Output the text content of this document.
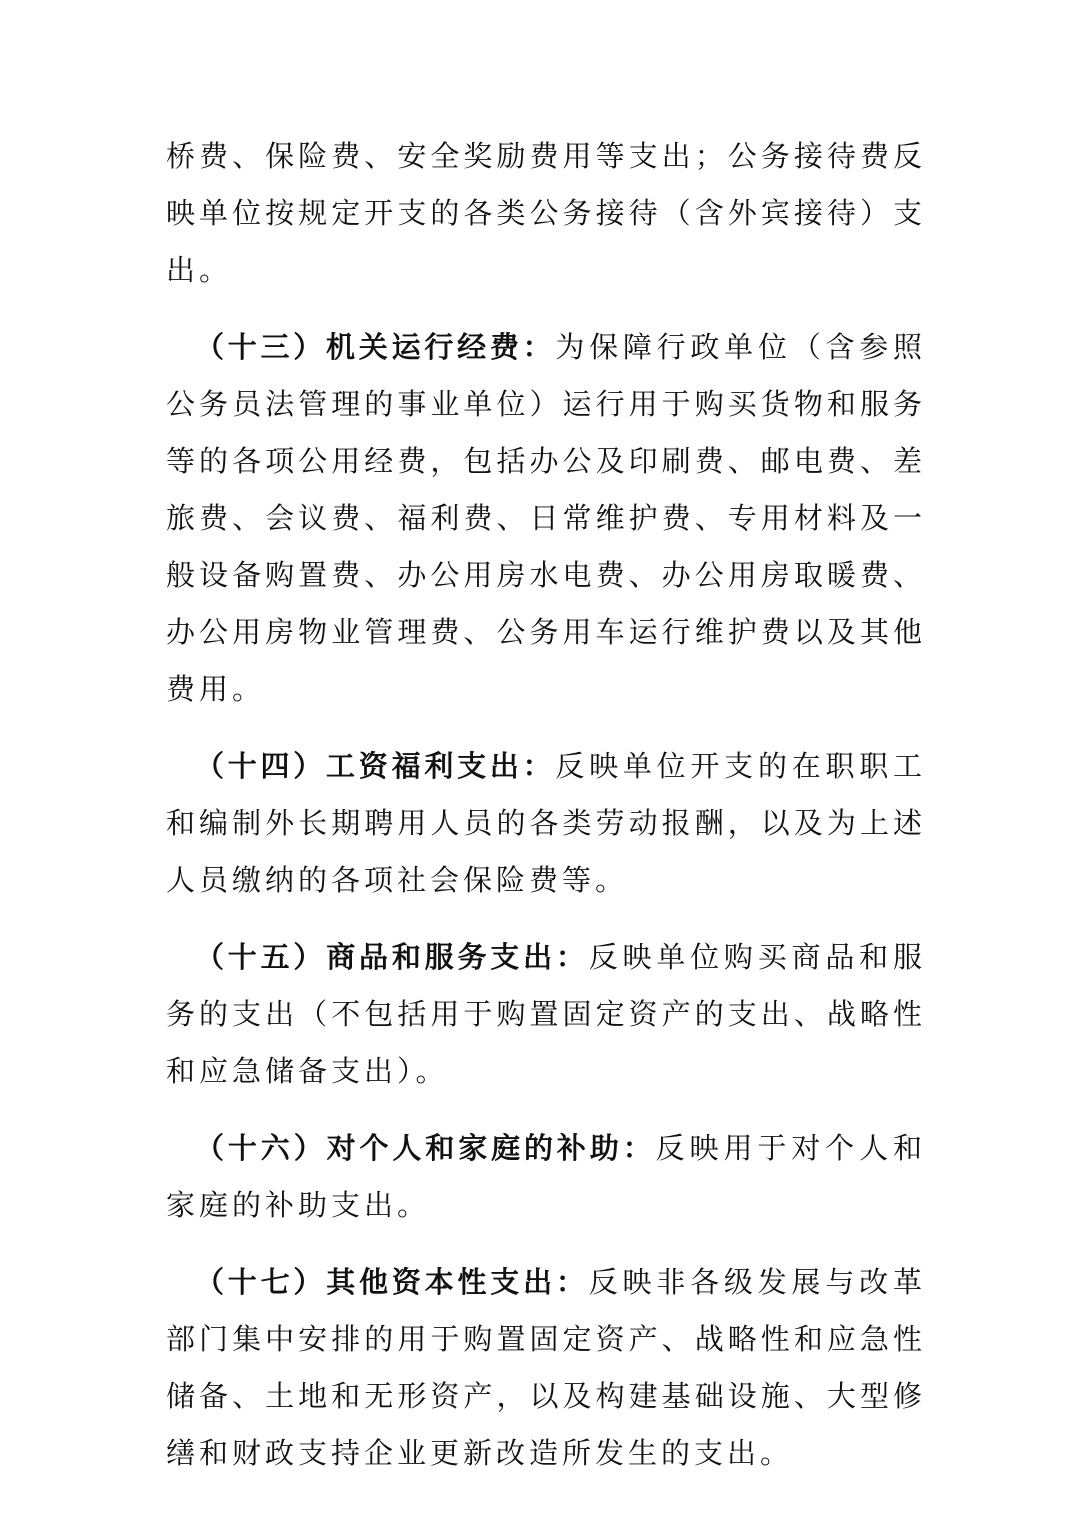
桥费、保险费、安全奖励费用等支出；公务接待费反映单位按规定开支的各类公务接待（含外宾接待）支出。

（十三）机关运行经费：为保障行政单位（含参照公务员法管理的事业单位）运行用于购买货物和服务等的各项公用经费，包括办公及印刷费、邮电费、差旅费、会议费、福利费、日常维护费、专用材料及一般设备购置费、办公用房水电费、办公用房取暖费、办公用房物业管理费、公务用车运行维护费以及其他费用。

（十四）工资福利支出：反映单位开支的在职职工和编制外长期聘用人员的各类劳动报酬，以及为上述人员缴纳的各项社会保险费等。

（十五）商品和服务支出：反映单位购买商品和服务的支出（不包括用于购置固定资产的支出、战略性和应急储备支出）。

（十六）对个人和家庭的补助：反映用于对个人和家庭的补助支出。

（十七）其他资本性支出：反映非各级发展与改革部门集中安排的用于购置固定资产、战略性和应急性储备、土地和无形资产，以及构建基础设施、大型修缮和财政支持企业更新改造所发生的支出。
